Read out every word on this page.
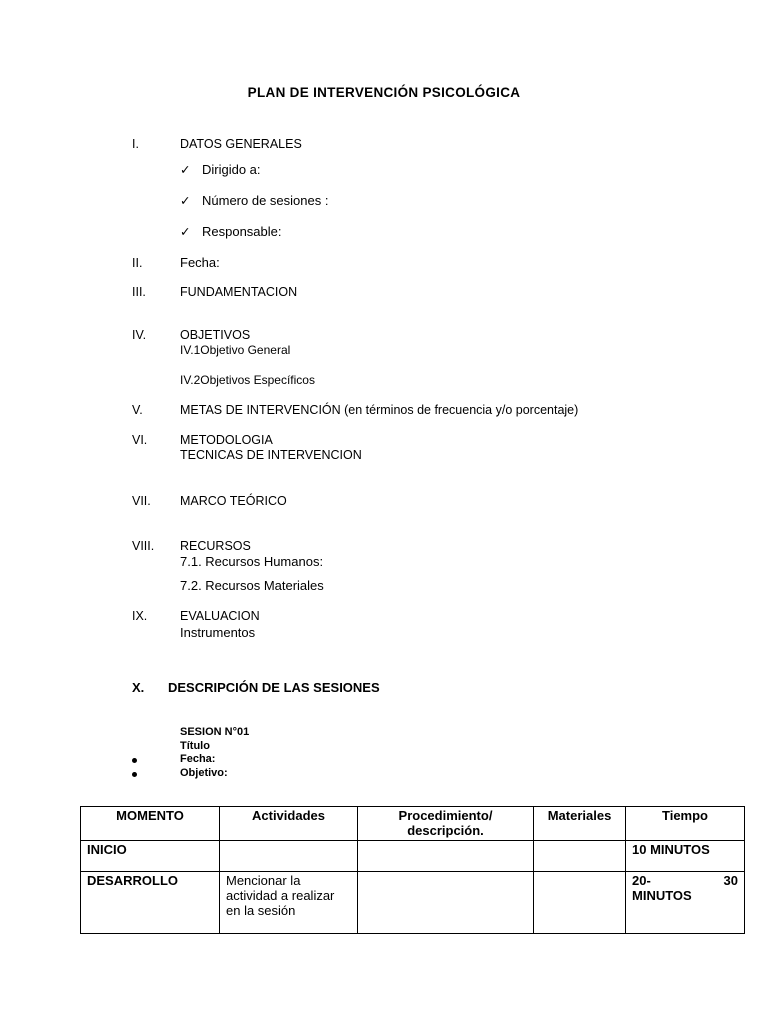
PLAN DE INTERVENCIÓN PSICOLÓGICA
I.	DATOS GENERALES
✓ Dirigido a:
✓ Número de sesiones :
✓ Responsable:
II.	Fecha:
III.	FUNDAMENTACION
IV.	OBJETIVOS
IV.1Objetivo General
IV.2Objetivos Específicos
V.	METAS DE INTERVENCIÓN (en términos de frecuencia y/o porcentaje)
VI.	METODOLOGIA
TECNICAS DE INTERVENCION
VII. MARCO TEÓRICO
VIII. RECURSOS
7.1. Recursos Humanos:
7.2. Recursos Materiales
IX.	EVALUACION
Instrumentos
X. DESCRIPCIÓN DE LAS SESIONES
SESION N°01
Título
Fecha:
Objetivo:
MOMENTO	Actividades	Procedimiento/ descripción.	Materiales	Tiempo
INICIO				10 MINUTOS
DESARROLLO	Mencionar la actividad a realizar en la sesión			20- 30
MINUTOS
